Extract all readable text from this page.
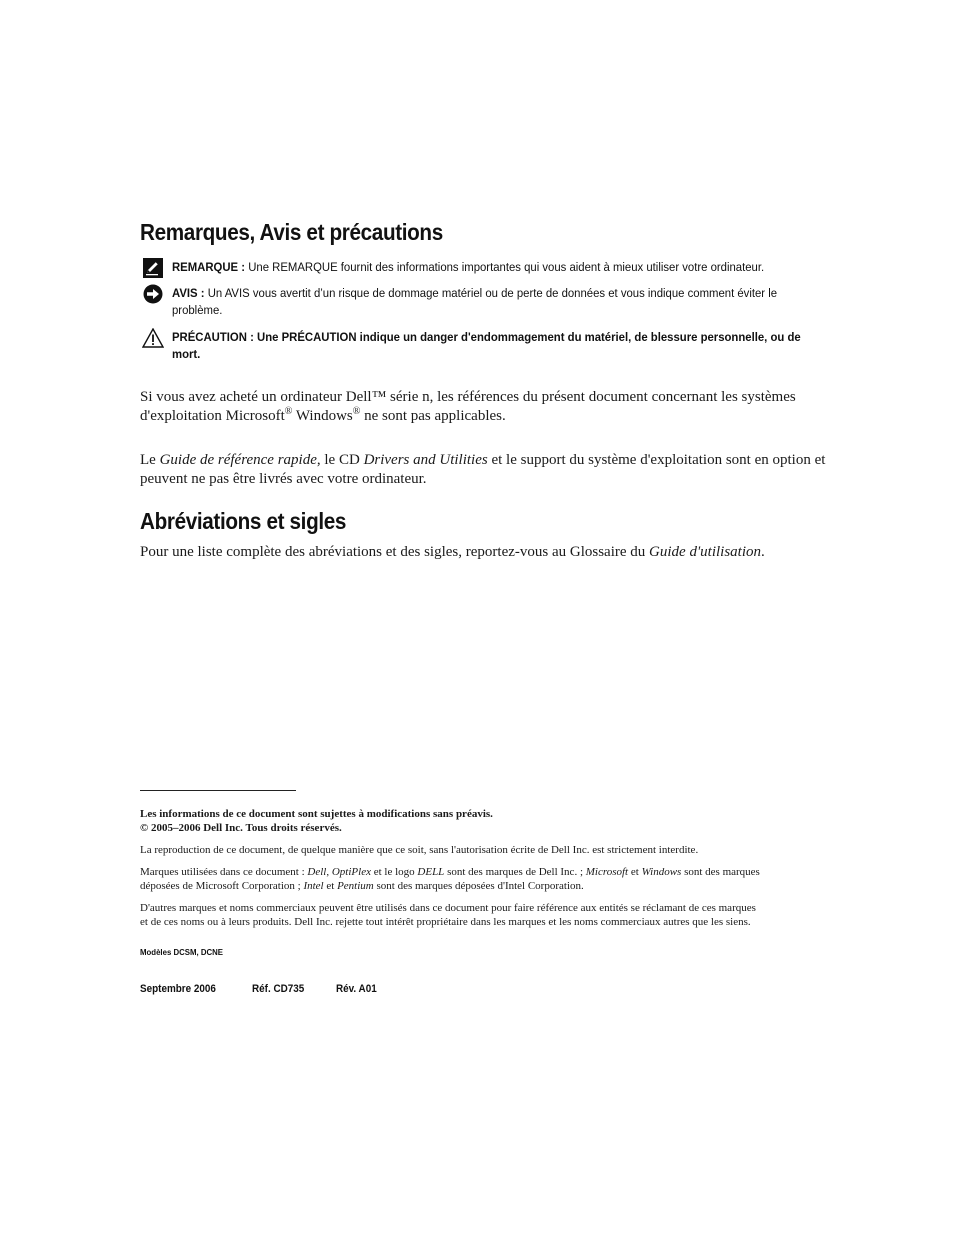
Remarques, Avis et précautions
REMARQUE : Une REMARQUE fournit des informations importantes qui vous aident à mieux utiliser votre ordinateur.
AVIS : Un AVIS vous avertit d’un risque de dommage matériel ou de perte de données et vous indique comment éviter le
problème.
PRÉCAUTION : Une PRÉCAUTION indique un danger d'endommagement du matériel, de blessure personnelle, ou de
mort.

Si vous avez acheté un ordinateur Dell™ série n, les références du présent document concernant les systèmes
d'exploitation Microsoft® Windows® ne sont pas applicables.

Le Guide de référence rapide, le CD Drivers and Utilities et le support du système d'exploitation sont en option et
peuvent ne pas être livrés avec votre ordinateur.

Abréviations et sigles

Pour une liste complète des abréviations et des sigles, reportez-vous au Glossaire du Guide d'utilisation.

Les informations de ce document sont sujettes à modifications sans préavis.
© 2005–2006 Dell Inc. Tous droits réservés.

La reproduction de ce document, de quelque manière que ce soit, sans l'autorisation écrite de Dell Inc. est strictement interdite.

Marques utilisées dans ce document : Dell, OptiPlex et le logo DELL sont des marques de Dell Inc. ; Microsoft et Windows sont des marques
déposées de Microsoft Corporation ; Intel et Pentium sont des marques déposées d'Intel Corporation.

D'autres marques et noms commerciaux peuvent être utilisés dans ce document pour faire référence aux entités se réclamant de ces marques
et de ces noms ou à leurs produits. Dell Inc. rejette tout intérêt propriétaire dans les marques et les noms commerciaux autres que les siens.

Modèles DCSM, DCNE
Septembre 2006	Réf. CD735	Rév. A01
